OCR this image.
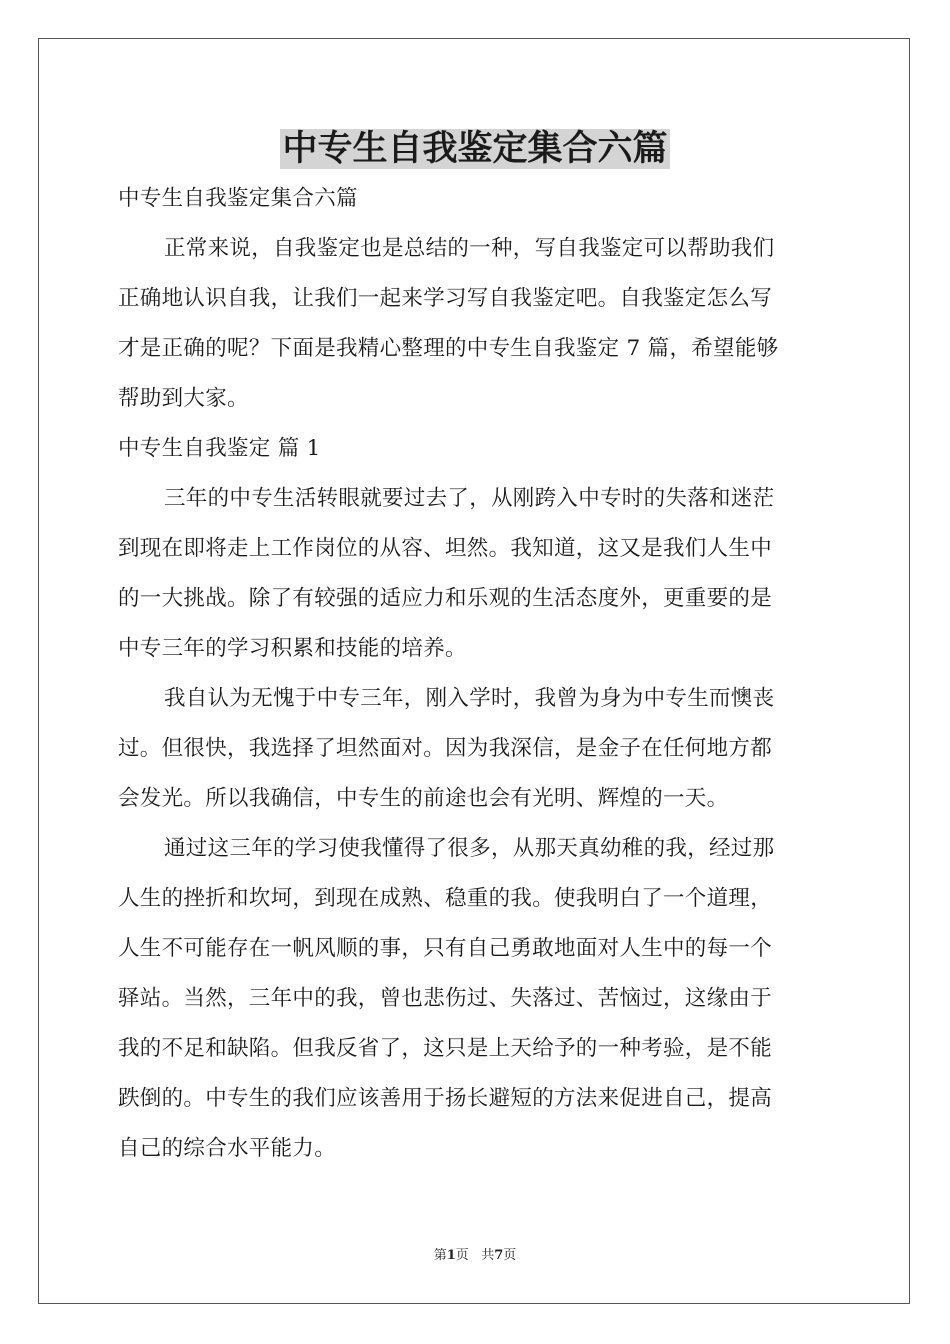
中专生自我鉴定集合六篇

中专生自我鉴定集合六篇

正常来说，自我鉴定也是总结的一种，写自我鉴定可以帮助我们

正确地认识自我，让我们一起来学习写自我鉴定吧。自我鉴定怎么写

才是正确的呢？下面是我精心整理的中专生自我鉴定 7 篇，希望能够

帮助到大家。

中专生自我鉴定 篇 1

三年的中专生活转眼就要过去了，从刚跨入中专时的失落和迷茫

到现在即将走上工作岗位的从容、坦然。我知道，这又是我们人生中

的一大挑战。除了有较强的适应力和乐观的生活态度外，更重要的是

中专三年的学习积累和技能的培养。

我自认为无愧于中专三年，刚入学时，我曾为身为中专生而懊丧

过。但很快，我选择了坦然面对。因为我深信，是金子在任何地方都

会发光。所以我确信，中专生的前途也会有光明、辉煌的一天。

通过这三年的学习使我懂得了很多，从那天真幼稚的我，经过那

人生的挫折和坎坷，到现在成熟、稳重的我。使我明白了一个道理，

人生不可能存在一帆风顺的事，只有自己勇敢地面对人生中的每一个

驿站。当然，三年中的我，曾也悲伤过、失落过、苦恼过，这缘由于

我的不足和缺陷。但我反省了，这只是上天给予的一种考验，是不能

跌倒的。中专生的我们应该善用于扬长避短的方法来促进自己，提高

自己的综合水平能力。

第1页 共7页
